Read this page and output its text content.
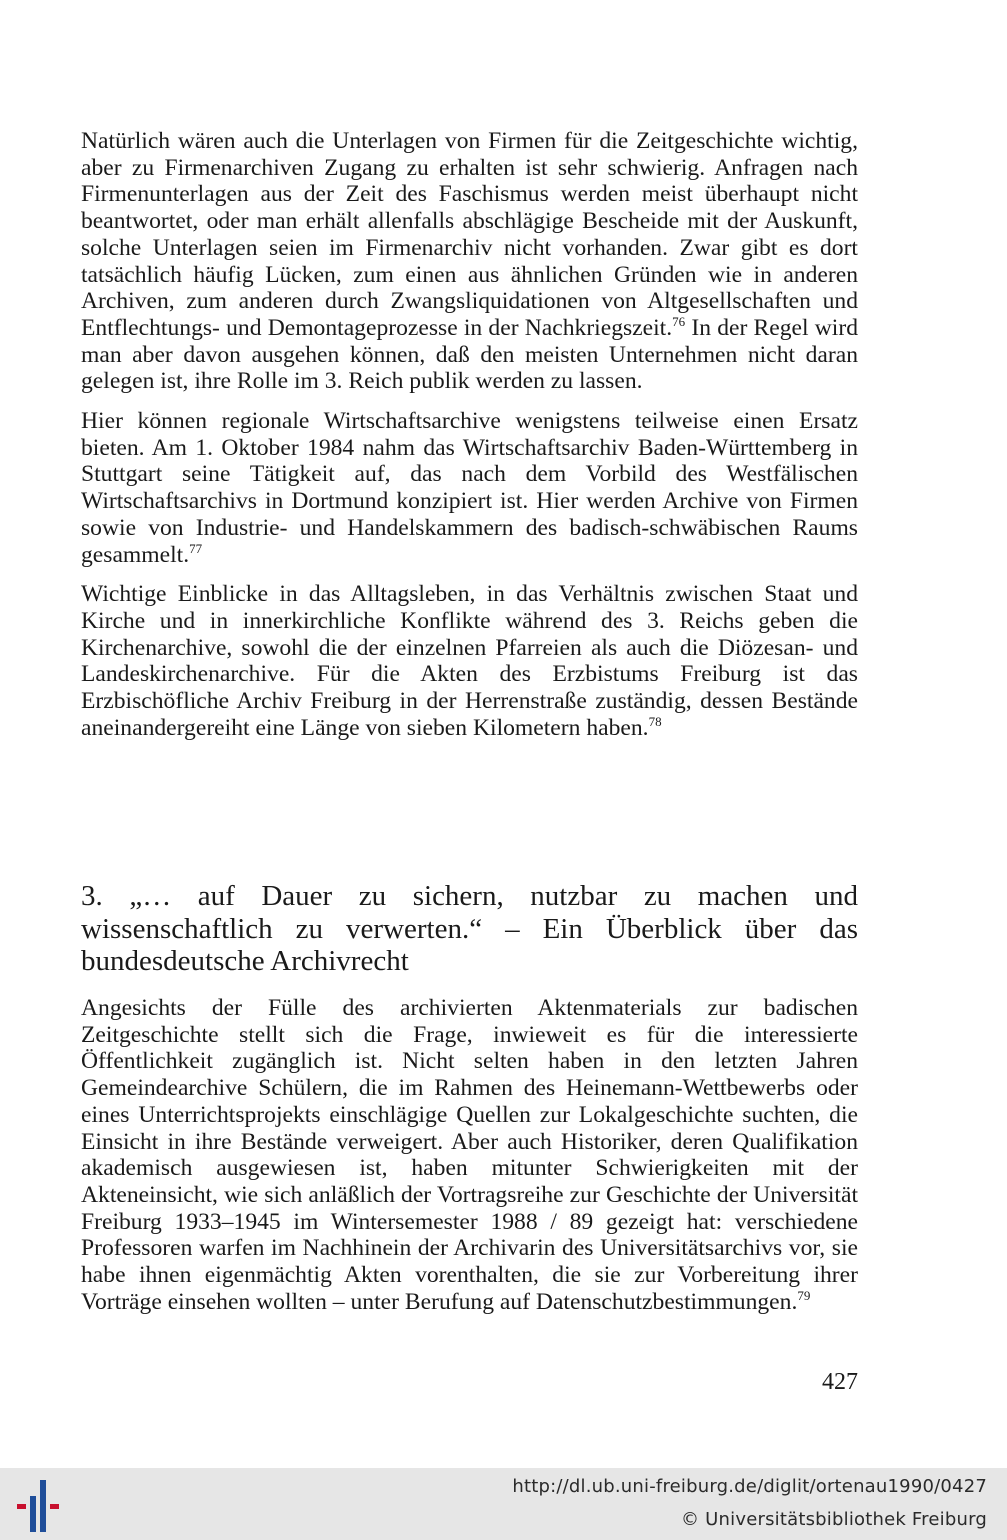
Natürlich wären auch die Unterlagen von Firmen für die Zeitgeschichte wichtig, aber zu Firmenarchiven Zugang zu erhalten ist sehr schwierig. Anfragen nach Firmenunterlagen aus der Zeit des Faschismus werden meist überhaupt nicht beantwortet, oder man erhält allenfalls abschlägige Bescheide mit der Auskunft, solche Unterlagen seien im Firmenarchiv nicht vorhanden. Zwar gibt es dort tatsächlich häufig Lücken, zum einen aus ähnlichen Gründen wie in anderen Archiven, zum anderen durch Zwangsliquidationen von Altgesellschaften und Entflechtungs- und Demontageprozesse in der Nachkriegszeit.$^{76}$ In der Regel wird man aber davon ausgehen können, daß den meisten Unternehmen nicht daran gelegen ist, ihre Rolle im 3. Reich publik werden zu lassen.

Hier können regionale Wirtschaftsarchive wenigstens teilweise einen Ersatz bieten. Am 1. Oktober 1984 nahm das Wirtschaftsarchiv Baden-Württemberg in Stuttgart seine Tätigkeit auf, das nach dem Vorbild des Westfälischen Wirtschaftsarchivs in Dortmund konzipiert ist. Hier werden Archive von Firmen sowie von Industrie- und Handelskammern des badisch-schwäbischen Raums gesammelt.$^{77}$

Wichtige Einblicke in das Alltagsleben, in das Verhältnis zwischen Staat und Kirche und in innerkirchliche Konflikte während des 3. Reichs geben die Kirchenarchive, sowohl die der einzelnen Pfarreien als auch die Diözesan- und Landeskirchenarchive. Für die Akten des Erzbistums Freiburg ist das Erzbischöfliche Archiv Freiburg in der Herrenstraße zuständig, dessen Bestände aneinandergereiht eine Länge von sieben Kilometern haben.$^{78}$

3. „… auf Dauer zu sichern, nutzbar zu machen und wissenschaftlich zu verwerten.“ – Ein Überblick über das bundesdeutsche Archivrecht

Angesichts der Fülle des archivierten Aktenmaterials zur badischen Zeitgeschichte stellt sich die Frage, inwieweit es für die interessierte Öffentlichkeit zugänglich ist. Nicht selten haben in den letzten Jahren Gemeindearchive Schülern, die im Rahmen des Heinemann-Wettbewerbs oder eines Unterrichtsprojekts einschlägige Quellen zur Lokalgeschichte suchten, die Einsicht in ihre Bestände verweigert. Aber auch Historiker, deren Qualifikation akademisch ausgewiesen ist, haben mitunter Schwierigkeiten mit der Akteneinsicht, wie sich anläßlich der Vortragsreihe zur Geschichte der Universität Freiburg 1933–1945 im Wintersemester 1988 / 89 gezeigt hat: verschiedene Professoren warfen im Nachhinein der Archivarin des Universitätsarchivs vor, sie habe ihnen eigenmächtig Akten vorenthalten, die sie zur Vorbereitung ihrer Vorträge einsehen wollten – unter Berufung auf Datenschutzbestimmungen.$^{79}$

427
http://dl.ub.uni-freiburg.de/diglit/ortenau1990/0427
© Universitätsbibliothek Freiburg
